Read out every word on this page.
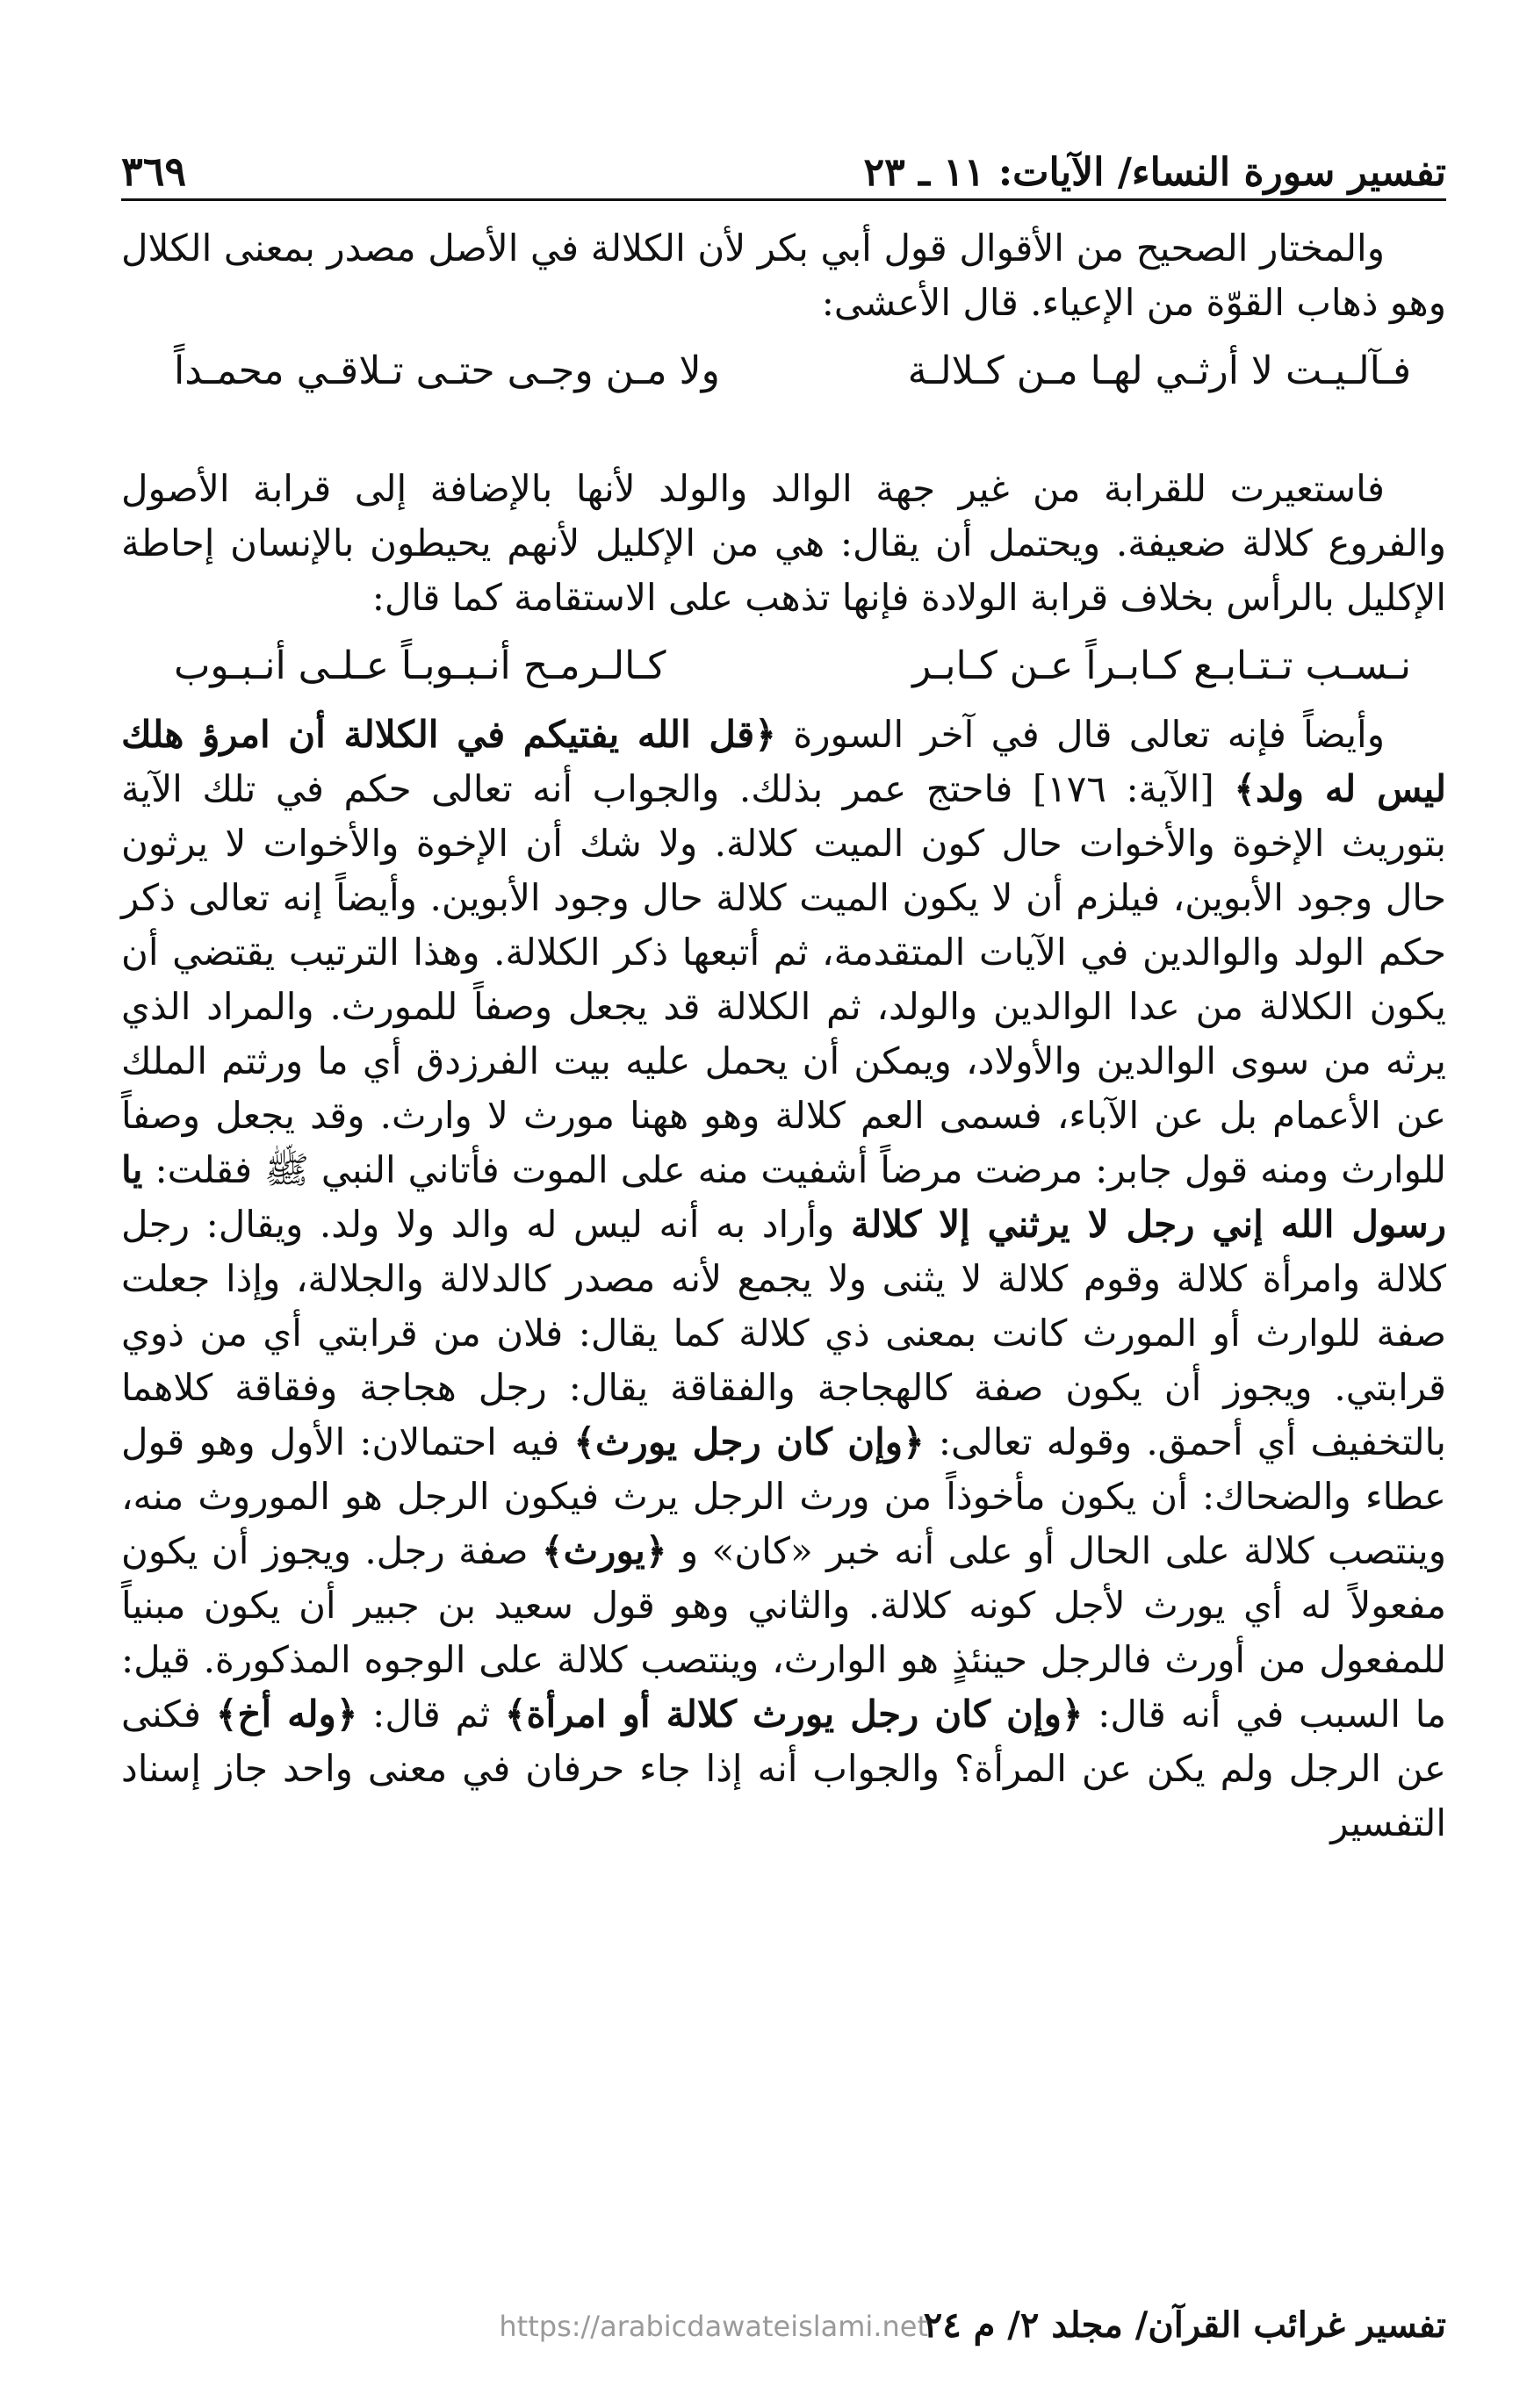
تفسير سورة النساء/ الآيات: ١١ ـ ٢٣
٣٦٩

والمختار الصحيح من الأقوال قول أبي بكر لأن الكلالة في الأصل مصدر بمعنى الكلال وهو ذهاب القوّة من الإعياء. قال الأعشى:

فـآلـيـت لا أرثـي لهـا مـن كـلالـة
ولا مـن وجـى حتـى تـلاقـي محمـداً

فاستعيرت للقرابة من غير جهة الوالد والولد لأنها بالإضافة إلى قرابة الأصول والفروع كلالة ضعيفة. ويحتمل أن يقال: هي من الإكليل لأنهم يحيطون بالإنسان إحاطة الإكليل بالرأس بخلاف قرابة الولادة فإنها تذهب على الاستقامة كما قال:

نـسـب تـتـابـع كـابـراً عـن كـابـر
كـالـرمـح أنـبـوبـاً عـلـى أنـبـوب

وأيضاً فإنه تعالى قال في آخر السورة ﴿قل الله يفتيكم في الكلالة أن امرؤ هلك ليس له ولد﴾ [الآية: ١٧٦] فاحتج عمر بذلك. والجواب أنه تعالى حكم في تلك الآية بتوريث الإخوة والأخوات حال كون الميت كلالة. ولا شك أن الإخوة والأخوات لا يرثون حال وجود الأبوين، فيلزم أن لا يكون الميت كلالة حال وجود الأبوين. وأيضاً إنه تعالى ذكر حكم الولد والوالدين في الآيات المتقدمة، ثم أتبعها ذكر الكلالة. وهذا الترتيب يقتضي أن يكون الكلالة من عدا الوالدين والولد، ثم الكلالة قد يجعل وصفاً للمورث. والمراد الذي يرثه من سوى الوالدين والأولاد، ويمكن أن يحمل عليه بيت الفرزدق أي ما ورثتم الملك عن الأعمام بل عن الآباء، فسمى العم كلالة وهو ههنا مورث لا وارث. وقد يجعل وصفاً للوارث ومنه قول جابر: مرضت مرضاً أشفيت منه على الموت فأتاني النبي ﷺ فقلت: يا رسول الله إني رجل لا يرثني إلا كلالة وأراد به أنه ليس له والد ولا ولد. ويقال: رجل كلالة وامرأة كلالة وقوم كلالة لا يثنى ولا يجمع لأنه مصدر كالدلالة والجلالة، وإذا جعلت صفة للوارث أو المورث كانت بمعنى ذي كلالة كما يقال: فلان من قرابتي أي من ذوي قرابتي. ويجوز أن يكون صفة كالهجاجة والفقاقة يقال: رجل هجاجة وفقاقة كلاهما بالتخفيف أي أحمق. وقوله تعالى: ﴿وإن كان رجل يورث﴾ فيه احتمالان: الأول وهو قول عطاء والضحاك: أن يكون مأخوذاً من ورث الرجل يرث فيكون الرجل هو الموروث منه، وينتصب كلالة على الحال أو على أنه خبر «كان» و ﴿يورث﴾ صفة رجل. ويجوز أن يكون مفعولاً له أي يورث لأجل كونه كلالة. والثاني وهو قول سعيد بن جبير أن يكون مبنياً للمفعول من أورث فالرجل حينئذٍ هو الوارث، وينتصب كلالة على الوجوه المذكورة. قيل: ما السبب في أنه قال: ﴿وإن كان رجل يورث كلالة أو امرأة﴾ ثم قال: ﴿وله أخ﴾ فكنى عن الرجل ولم يكن عن المرأة؟ والجواب أنه إذا جاء حرفان في معنى واحد جاز إسناد التفسير

تفسير غرائب القرآن/ مجلد ٢/ م ٢٤
https://arabicdawateislami.net
